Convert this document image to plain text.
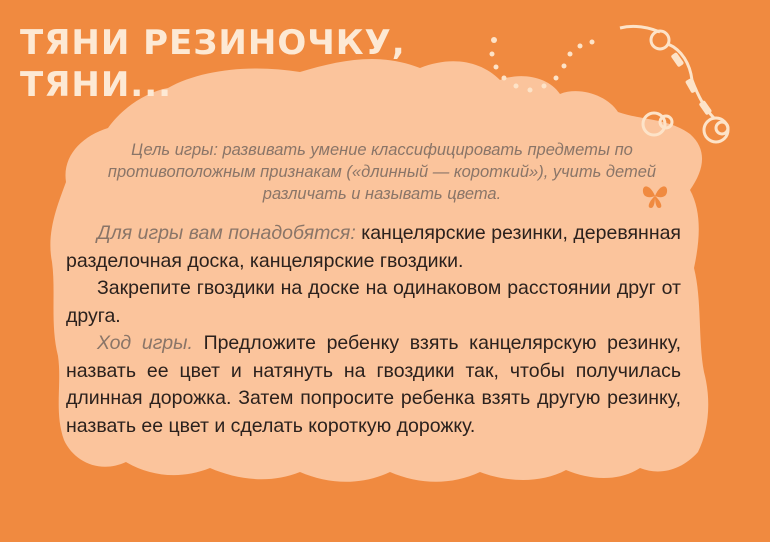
ТЯНИ РЕЗИНОЧКУ,
ТЯНИ...

Цель игры: развивать умение классифицировать предметы по противоположным признакам («длинный — короткий»), учить детей различать и называть цвета.

Для игры вам понадобятся: канцелярские резинки, деревянная разделочная доска, канцелярские гвоздики.

Закрепите гвоздики на доске на одинаковом расстоянии друг от друга.

Ход игры. Предложите ребенку взять канцелярскую резинку, назвать ее цвет и натянуть на гвоздики так, чтобы получилась длинная дорожка. Затем попросите ребенка взять другую резинку, назвать ее цвет и сделать короткую дорожку.
